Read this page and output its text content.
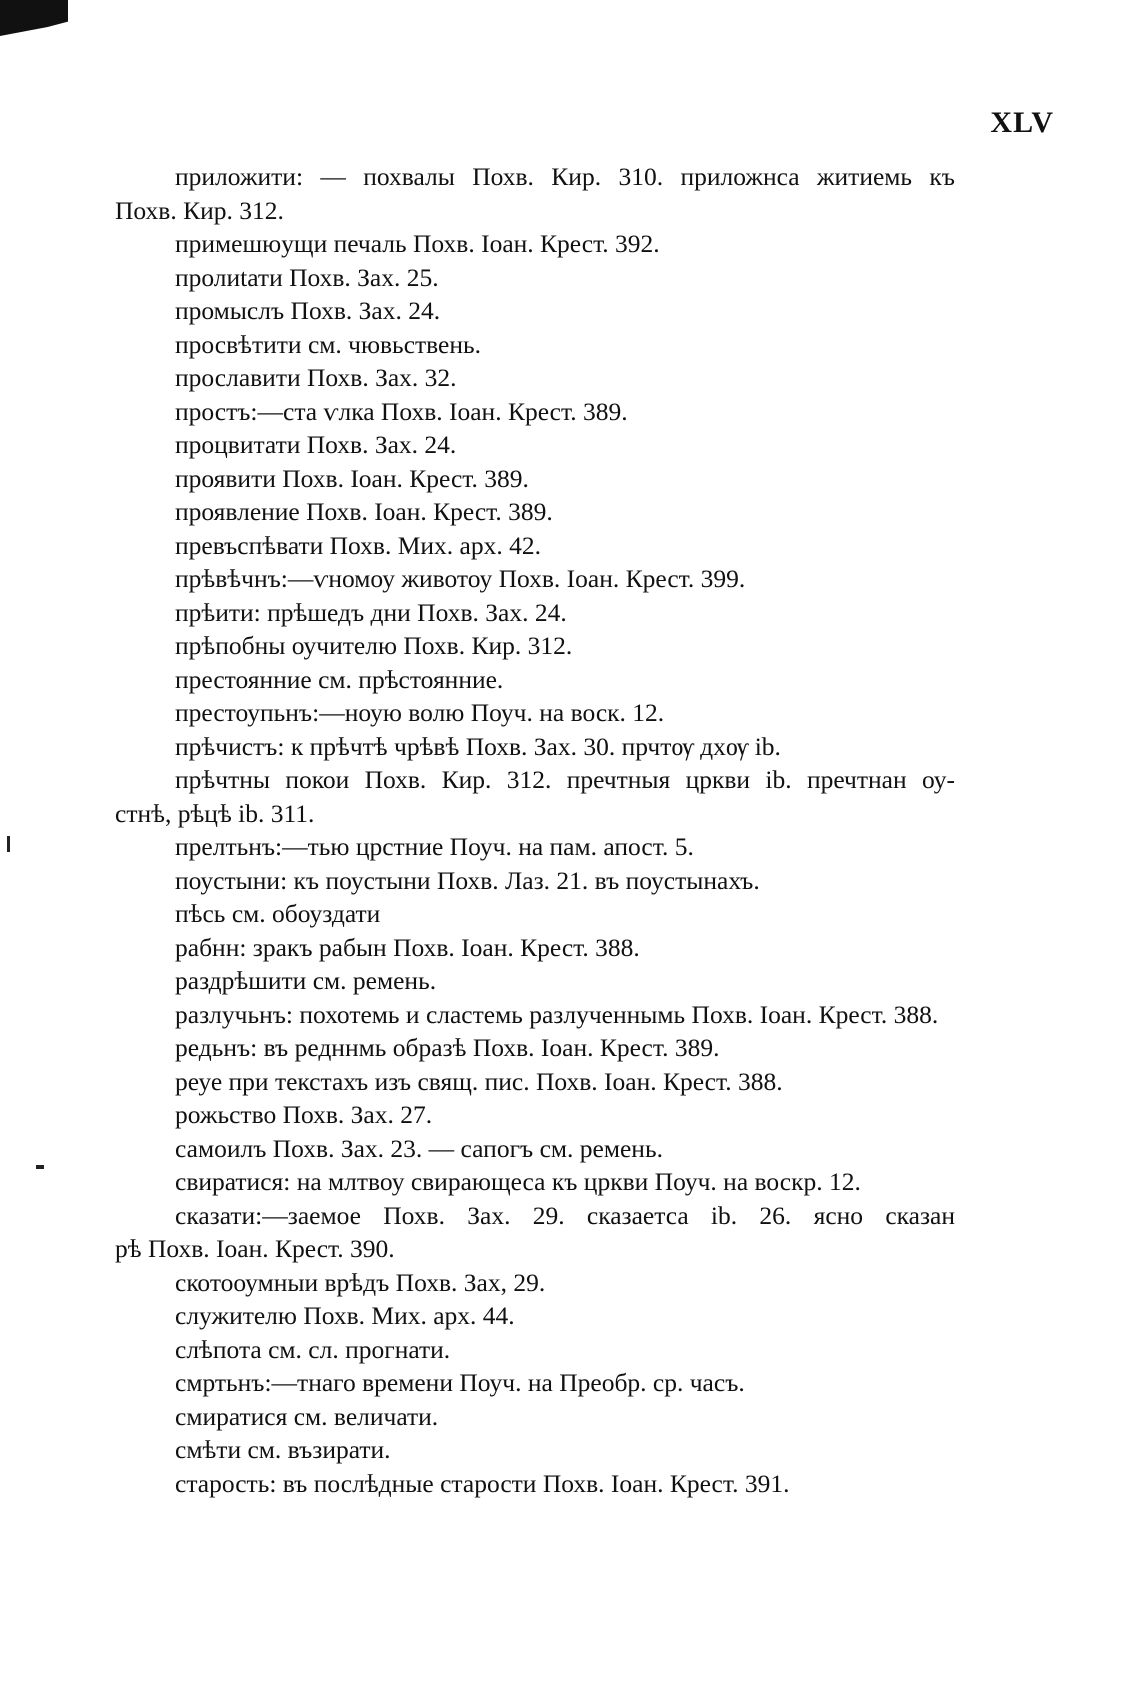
XLV

приложити: — похвалы Похв. Кир. 310. приложнса житиемь къ
Похв. Кир. 312.

примешюущи печаль Похв. Іоан. Крест. 392.

пролиtати Похв. Зах. 25.

промыслъ Похв. Зах. 24.

просвѣтити см. чювьствень.

прославити Похв. Зах. 32.

простъ:—ста ѵлка Похв. Іоан. Крест. 389.

процвитати Похв. Зах. 24.

проявити Похв. Іоан. Крест. 389.

проявление Похв. Іоан. Крест. 389.

превъспѣвати Похв. Мих. арх. 42.

прѣвѣчнъ:—ѵномоу животоу Похв. Іоан. Крест. 399.

прѣити: прѣшедъ дни Похв. Зах. 24.

прѣпобны оучителю Похв. Кир. 312.

престоянние см. прѣстоянние.

престоупьнъ:—ноую волю Поуч. на воск. 12.

прѣчистъ: к прѣчтѣ чрѣвѣ Похв. Зах. 30. прчтѹ дхѹ ib.

прѣчтны покои Похв. Кир. 312. пречтныя цркви ib. пречтнан оу-
стнѣ, рѣцѣ ib. 311.

прелтьнъ:—тью црстние Поуч. на пам. апост. 5.

поустыни: къ поустыни Похв. Лаз. 21. въ поустынахъ.

пѣсь см. обоуздати

рабнн: зракъ рабын Похв. Іоан. Крест. 388.

раздрѣшити см. ремень.

разлучьнъ: похотемь и сластемь разлученнымь Похв. Іоан. Крест. 388.

редьнъ: въ редннмь образѣ Похв. Іоан. Крест. 389.

реуе при текстахъ изъ свящ. пис. Похв. Іоан. Крест. 388.

рожьство Похв. Зах. 27.

самоилъ Похв. Зах. 23. — сапогъ см. ремень.

свиратися: на млтвоу свирающеса къ цркви Поуч. на воскр. 12.

сказати:—заемое Похв. Зах. 29. сказаетса ib. 26. ясно сказан
рѣ Похв. Іоан. Крест. 390.

скотооумныи врѣдъ Похв. Зах, 29.

служителю Похв. Мих. арх. 44.

слѣпота см. сл. прогнати.

смртьнъ:—тнаго времени Поуч. на Преобр. ср. часъ.

смиратися см. величати.

смѣти см. възирати.

старость: въ послѣдные старости Похв. Іоан. Крест. 391.
